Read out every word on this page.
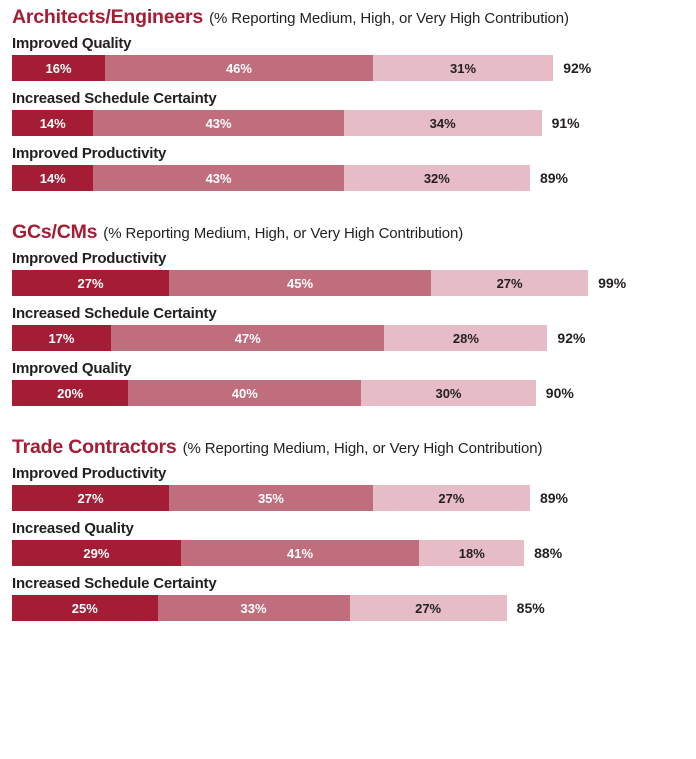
Architects/Engineers (% Reporting Medium, High, or Very High Contribution)
Improved Quality
16%	46%	31%	92%
Increased Schedule Certainty
14%	43%	34%	91%
Improved Productivity
14%	43%	32%	89%
GCs/CMs (% Reporting Medium, High, or Very High Contribution)
Improved Productivity
27%	45%	27%	99%
Increased Schedule Certainty
17%	47%	28%	92%
Improved Quality
20%	40%	30%	90%
Trade Contractors (% Reporting Medium, High, or Very High Contribution)
Improved Productivity
27%	35%	27%	89%
Increased Quality
29%	41%	18%	88%
Increased Schedule Certainty
25%	33%	27%	85%
